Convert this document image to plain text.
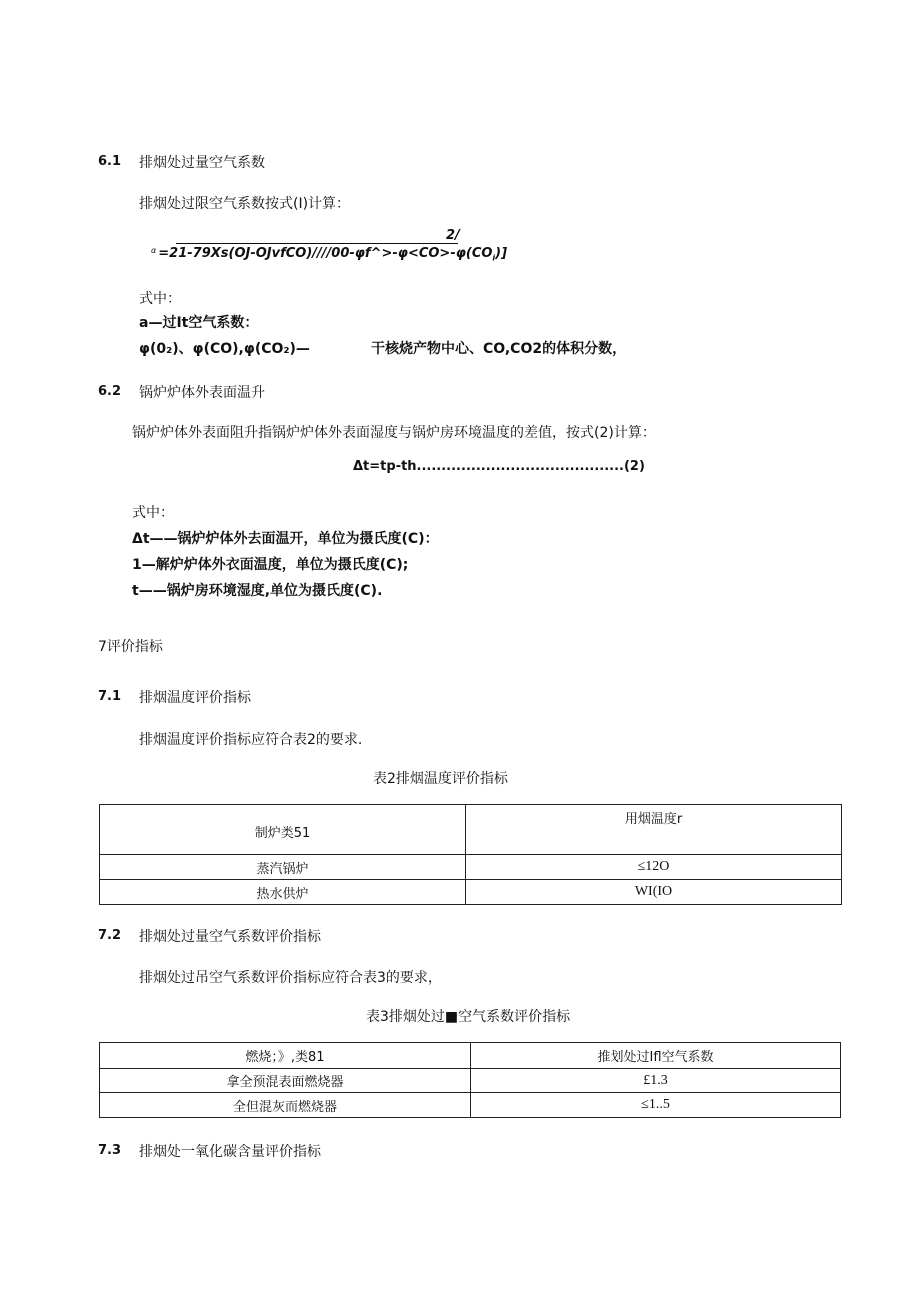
6.1 排烟处过量空气系数
排烟处过限空气系数按式(I)计算：
2/
$^\alpha =21-79Xs(OJ-OJvfCO)////00-\varphi f\^{}>-\varphi<CO>-\varphi(CO_i)$]
式中：
a—过It空气系数：
φ(0₂)、φ(CO),φ(CO₂)—	干核烧产物中心、CO,CO2的体积分数，
6.2 锅炉炉体外表面温升
锅炉炉体外表面阻升指锅炉炉体外表面湿度与锅炉房环境温度的差值，按式(2)计算：
Δt=tp-th..........................................(2)
式中：
Δt——锅炉炉体外去面温开，单位为摄氏度(C)：
1—解炉炉体外衣面温度，单位为摄氏度(C);
t——锅炉房环境湿度,单位为摄氏度(C).
7评价指标
7.1 排烟温度评价指标
排烟温度评价指标应符合表2的要求.
表2排烟温度评价指标
制炉类51	用烟温度r
蒸汽锅炉	≤12O
热水供炉	WI(IO
7.2 排烟处过量空气系数评价指标
排烟处过吊空气系数评价指标应符合表3的要求，
表3排烟处过■空气系数评价指标
燃烧；》,类81	推划处过Ifl空气系数
拿全预混表面燃烧器	£1.3
全但混灰而燃烧器	≤1..5
7.3 排烟处一氧化碳含量评价指标
